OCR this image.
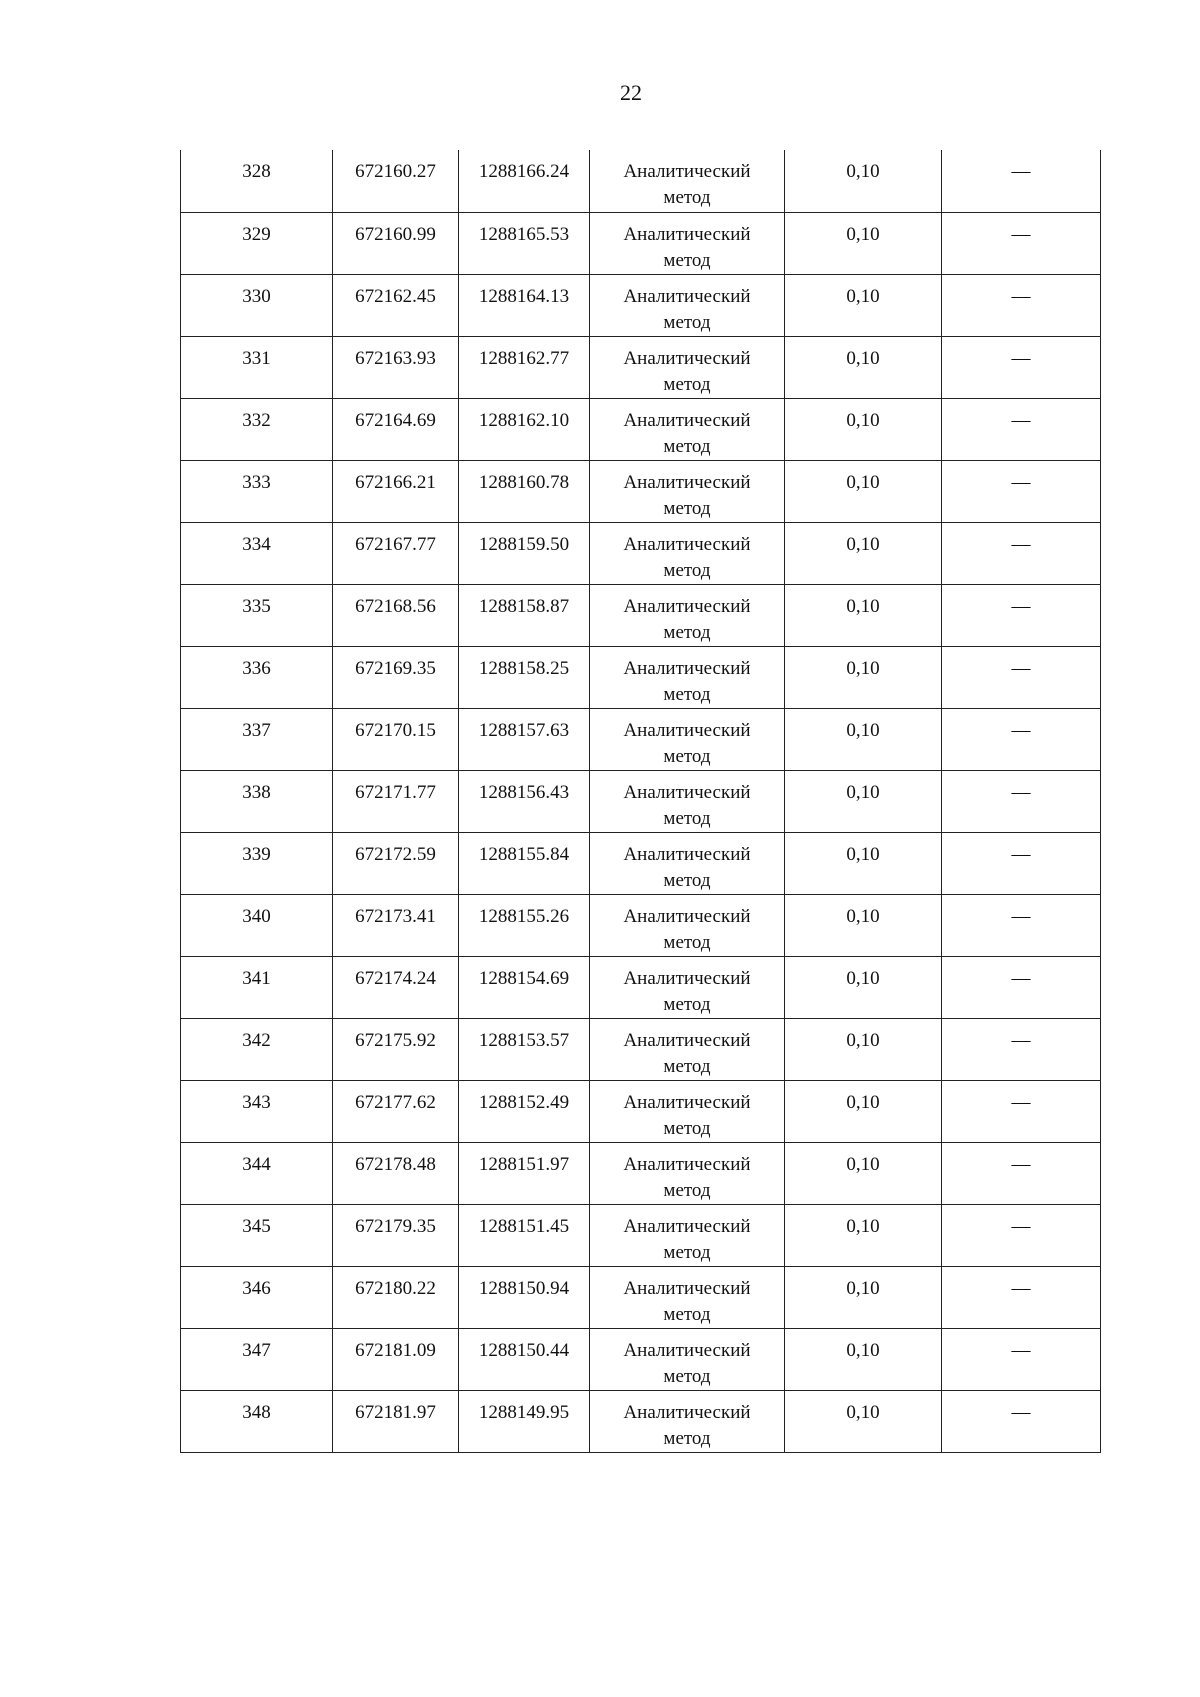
22
328	672160.27	1288166.24	Аналитический метод	0,10	—
329	672160.99	1288165.53	Аналитический метод	0,10	—
330	672162.45	1288164.13	Аналитический метод	0,10	—
331	672163.93	1288162.77	Аналитический метод	0,10	—
332	672164.69	1288162.10	Аналитический метод	0,10	—
333	672166.21	1288160.78	Аналитический метод	0,10	—
334	672167.77	1288159.50	Аналитический метод	0,10	—
335	672168.56	1288158.87	Аналитический метод	0,10	—
336	672169.35	1288158.25	Аналитический метод	0,10	—
337	672170.15	1288157.63	Аналитический метод	0,10	—
338	672171.77	1288156.43	Аналитический метод	0,10	—
339	672172.59	1288155.84	Аналитический метод	0,10	—
340	672173.41	1288155.26	Аналитический метод	0,10	—
341	672174.24	1288154.69	Аналитический метод	0,10	—
342	672175.92	1288153.57	Аналитический метод	0,10	—
343	672177.62	1288152.49	Аналитический метод	0,10	—
344	672178.48	1288151.97	Аналитический метод	0,10	—
345	672179.35	1288151.45	Аналитический метод	0,10	—
346	672180.22	1288150.94	Аналитический метод	0,10	—
347	672181.09	1288150.44	Аналитический метод	0,10	—
348	672181.97	1288149.95	Аналитический метод	0,10	—
